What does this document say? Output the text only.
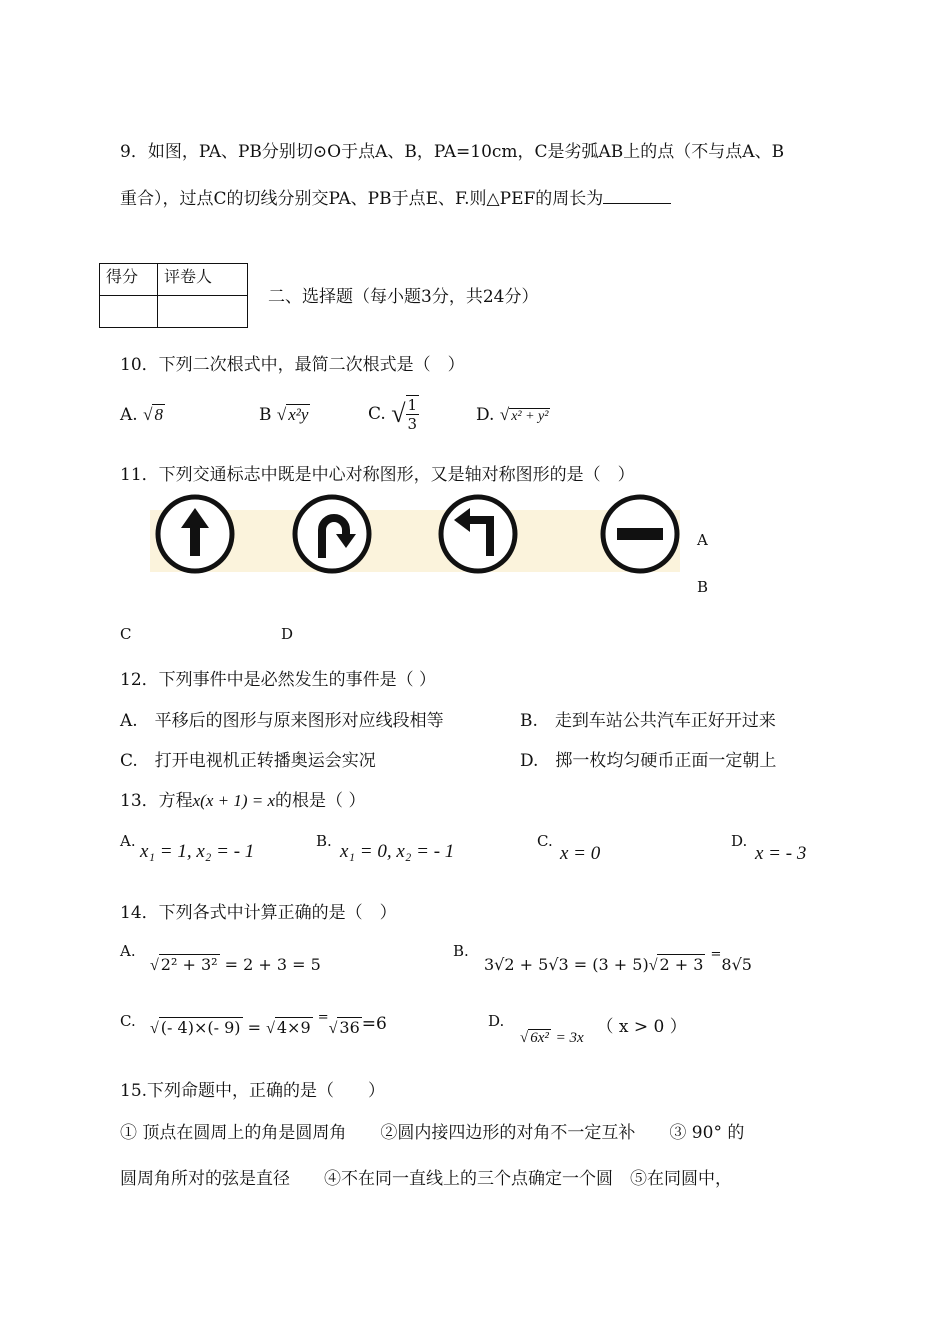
9．如图，PA、PB分别切⊙O于点A、B，PA=10cm，C是劣弧AB上的点（不与点A、B
重合），过点C的切线分别交PA、PB于点E、F.则△PEF的周长为
得分	评卷人

二、选择题（每小题3分，共24分）
10．下列二次根式中，最简二次根式是（　）
A. √ 8	B √ x²y	C. √ $\frac{1}{3}$	D. √ x² + y²
11．下列交通标志中既是中心对称图形，又是轴对称图形的是（　）
A
B
C	D
12．下列事件中是必然发生的事件是（ ）
A.　平移后的图形与原来图形对应线段相等	B.　走到车站公共汽车正好开过来
C.　打开电视机正转播奥运会实况	D.　掷一枚均匀硬币正面一定朝上
13．方程x(x + 1) = x的根是（ ）
A. x₁ = 1, x₂ = - 1	B. x₁ = 0, x₂ = - 1	C.
x = 0
D.
x = - 3
14．下列各式中计算正确的是（　）
A.
√ 2² + 3² = 2 + 3 = 5
B.
3√2 + 5√3 = (3 + 5)√ 2 + 3 =8√5
C. √ (- 4)×(- 9) = √ 4×9 =√ 36 =6	D.
√ 6x² = 3x （ x > 0 ）
15.下列命题中，正确的是（　　）
① 顶点在圆周上的角是圆周角　　②圆内接四边形的对角不一定互补　　③ 90° 的
圆周角所对的弦是直径　　④不在同一直线上的三个点确定一个圆　⑤在同圆中，
